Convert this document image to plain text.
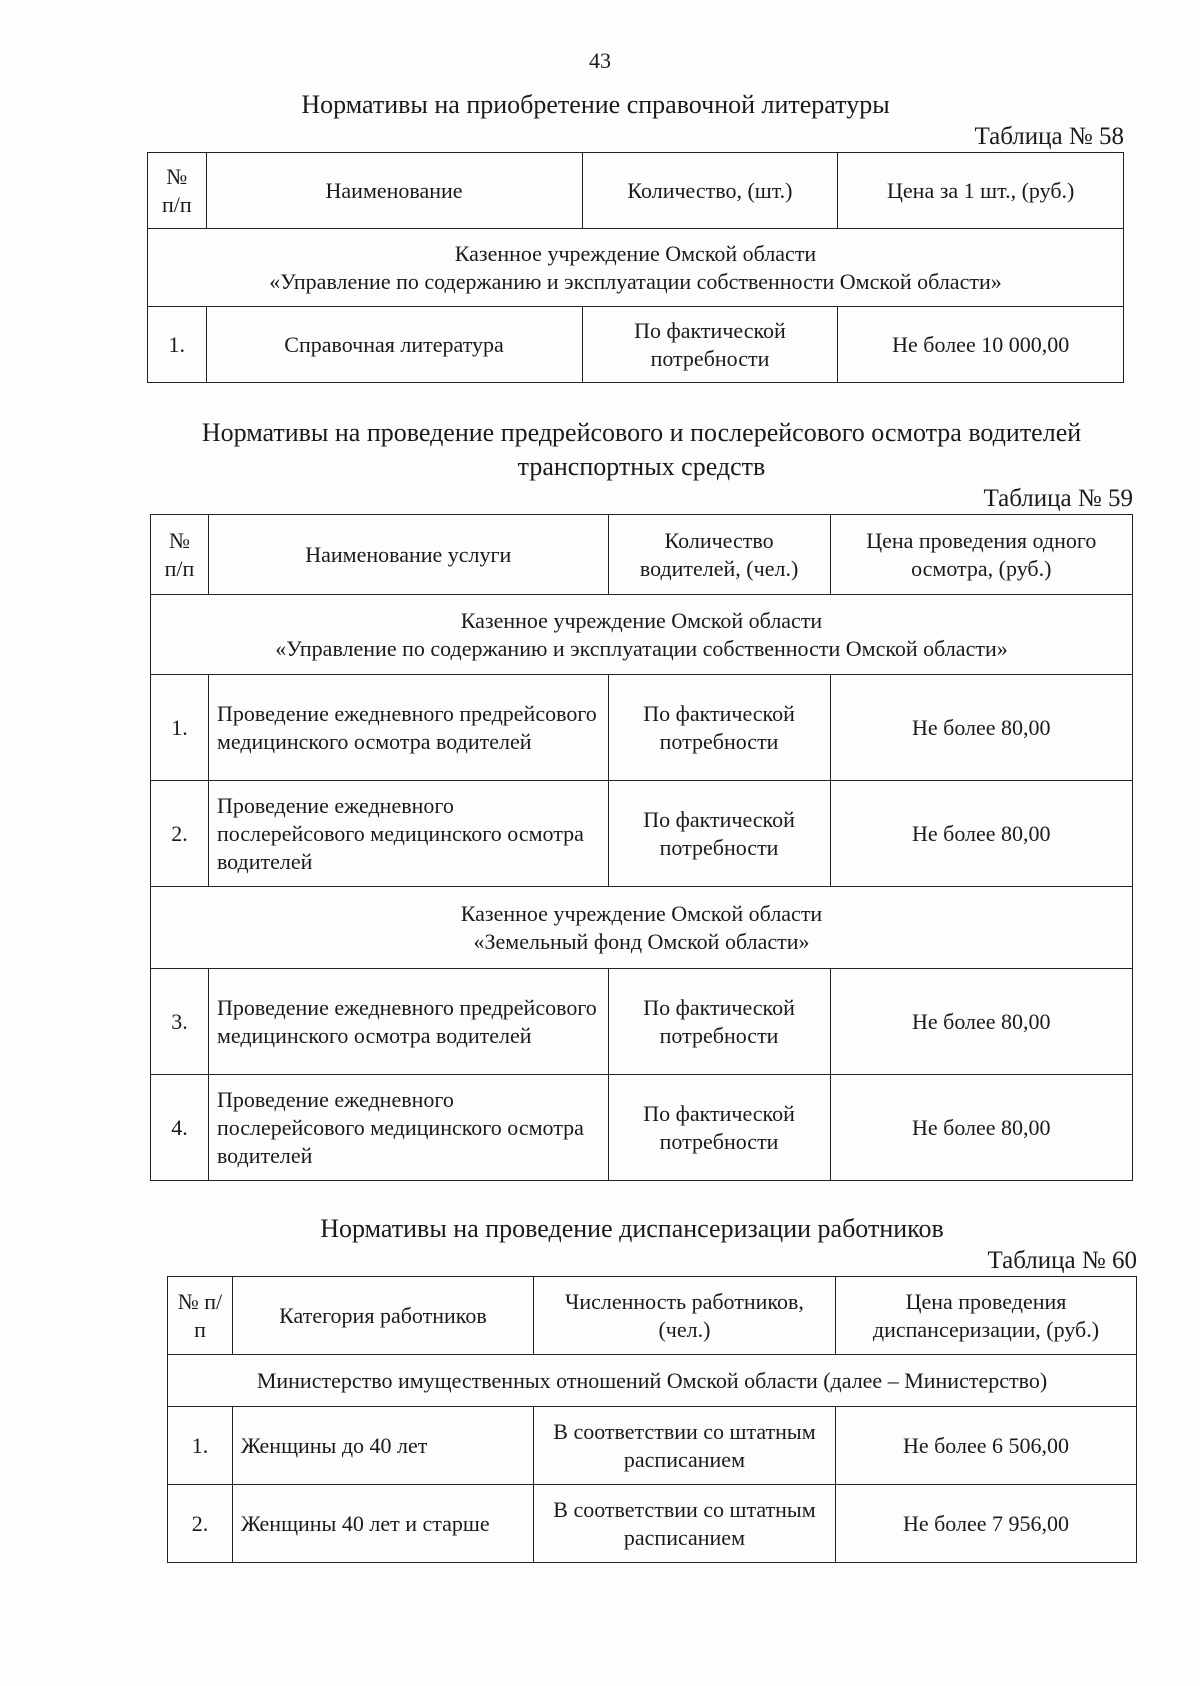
43

Нормативы на приобретение справочной литературы

Таблица № 58

№ п/п	Наименование	Количество, (шт.)	Цена за 1 шт., (руб.)

Казенное учреждение Омской области
«Управление по содержанию и эксплуатации собственности Омской области»			

1.	Справочная литература	По фактической потребности	Не более 10 000,00

Нормативы на проведение предрейсового и послерейсового осмотра водителей
транспортных средств

Таблица № 59

№ п/п	Наименование услуги	Количество водителей, (чел.)	Цена проведения одного осмотра, (руб.)

Казенное учреждение Омской области
«Управление по содержанию и эксплуатации собственности Омской области»			

1.	Проведение ежедневного предрейсового медицинского осмотра водителей	По фактической потребности	Не более 80,00
2.	Проведение ежедневного послерейсового медицинского осмотра водителей	По фактической потребности	Не более 80,00

Казенное учреждение Омской области
«Земельный фонд Омской области»			

3.	Проведение ежедневного предрейсового медицинского осмотра водителей	По фактической потребности	Не более 80,00
4.	Проведение ежедневного послерейсового медицинского осмотра водителей	По фактической потребности	Не более 80,00

Нормативы на проведение диспансеризации работников

Таблица № 60

№ п/п	Категория работников	Численность работников, (чел.)	Цена проведения диспансеризации, (руб.)
Министерство имущественных отношений Омской области (далее – Министерство)			
1.	Женщины до 40 лет	В соответствии со штатным расписанием	Не более 6 506,00
2.	Женщины 40 лет и старше	В соответствии со штатным расписанием	Не более 7 956,00
